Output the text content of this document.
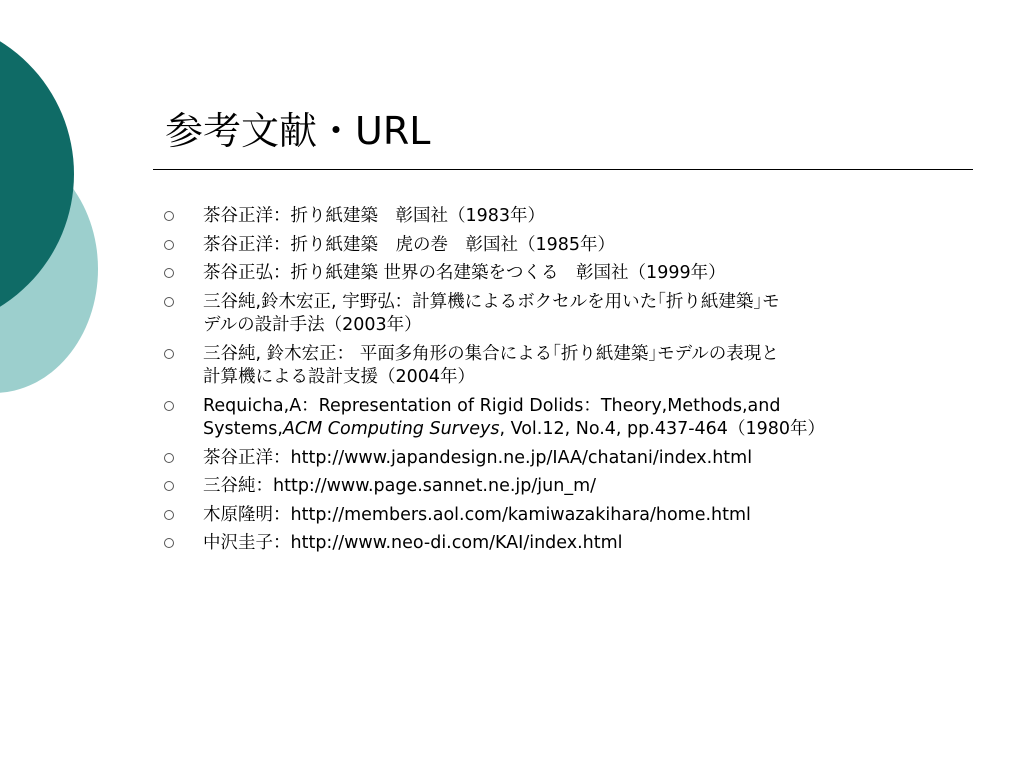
参考文献・URL
茶谷正洋：折り紙建築　彰国社（1983年）
茶谷正洋：折り紙建築　虎の巻　彰国社（1985年）
茶谷正弘：折り紙建築 世界の名建築をつくる　彰国社（1999年）
三谷純,鈴木宏正, 宇野弘：計算機によるボクセルを用いた｢折り紙建築｣モ
デルの設計手法（2003年）
三谷純, 鈴木宏正： 平面多角形の集合による｢折り紙建築｣モデルの表現と
計算機による設計支援（2004年）
Requicha,A：Representation of Rigid Dolids：Theory,Methods,and
Systems,ACM Computing Surveys, Vol.12, No.4, pp.437-464（1980年）
茶谷正洋：http://www.japandesign.ne.jp/IAA/chatani/index.html
三谷純：http://www.page.sannet.ne.jp/jun_m/
木原隆明：http://members.aol.com/kamiwazakihara/home.html
中沢圭子：http://www.neo-di.com/KAI/index.html
